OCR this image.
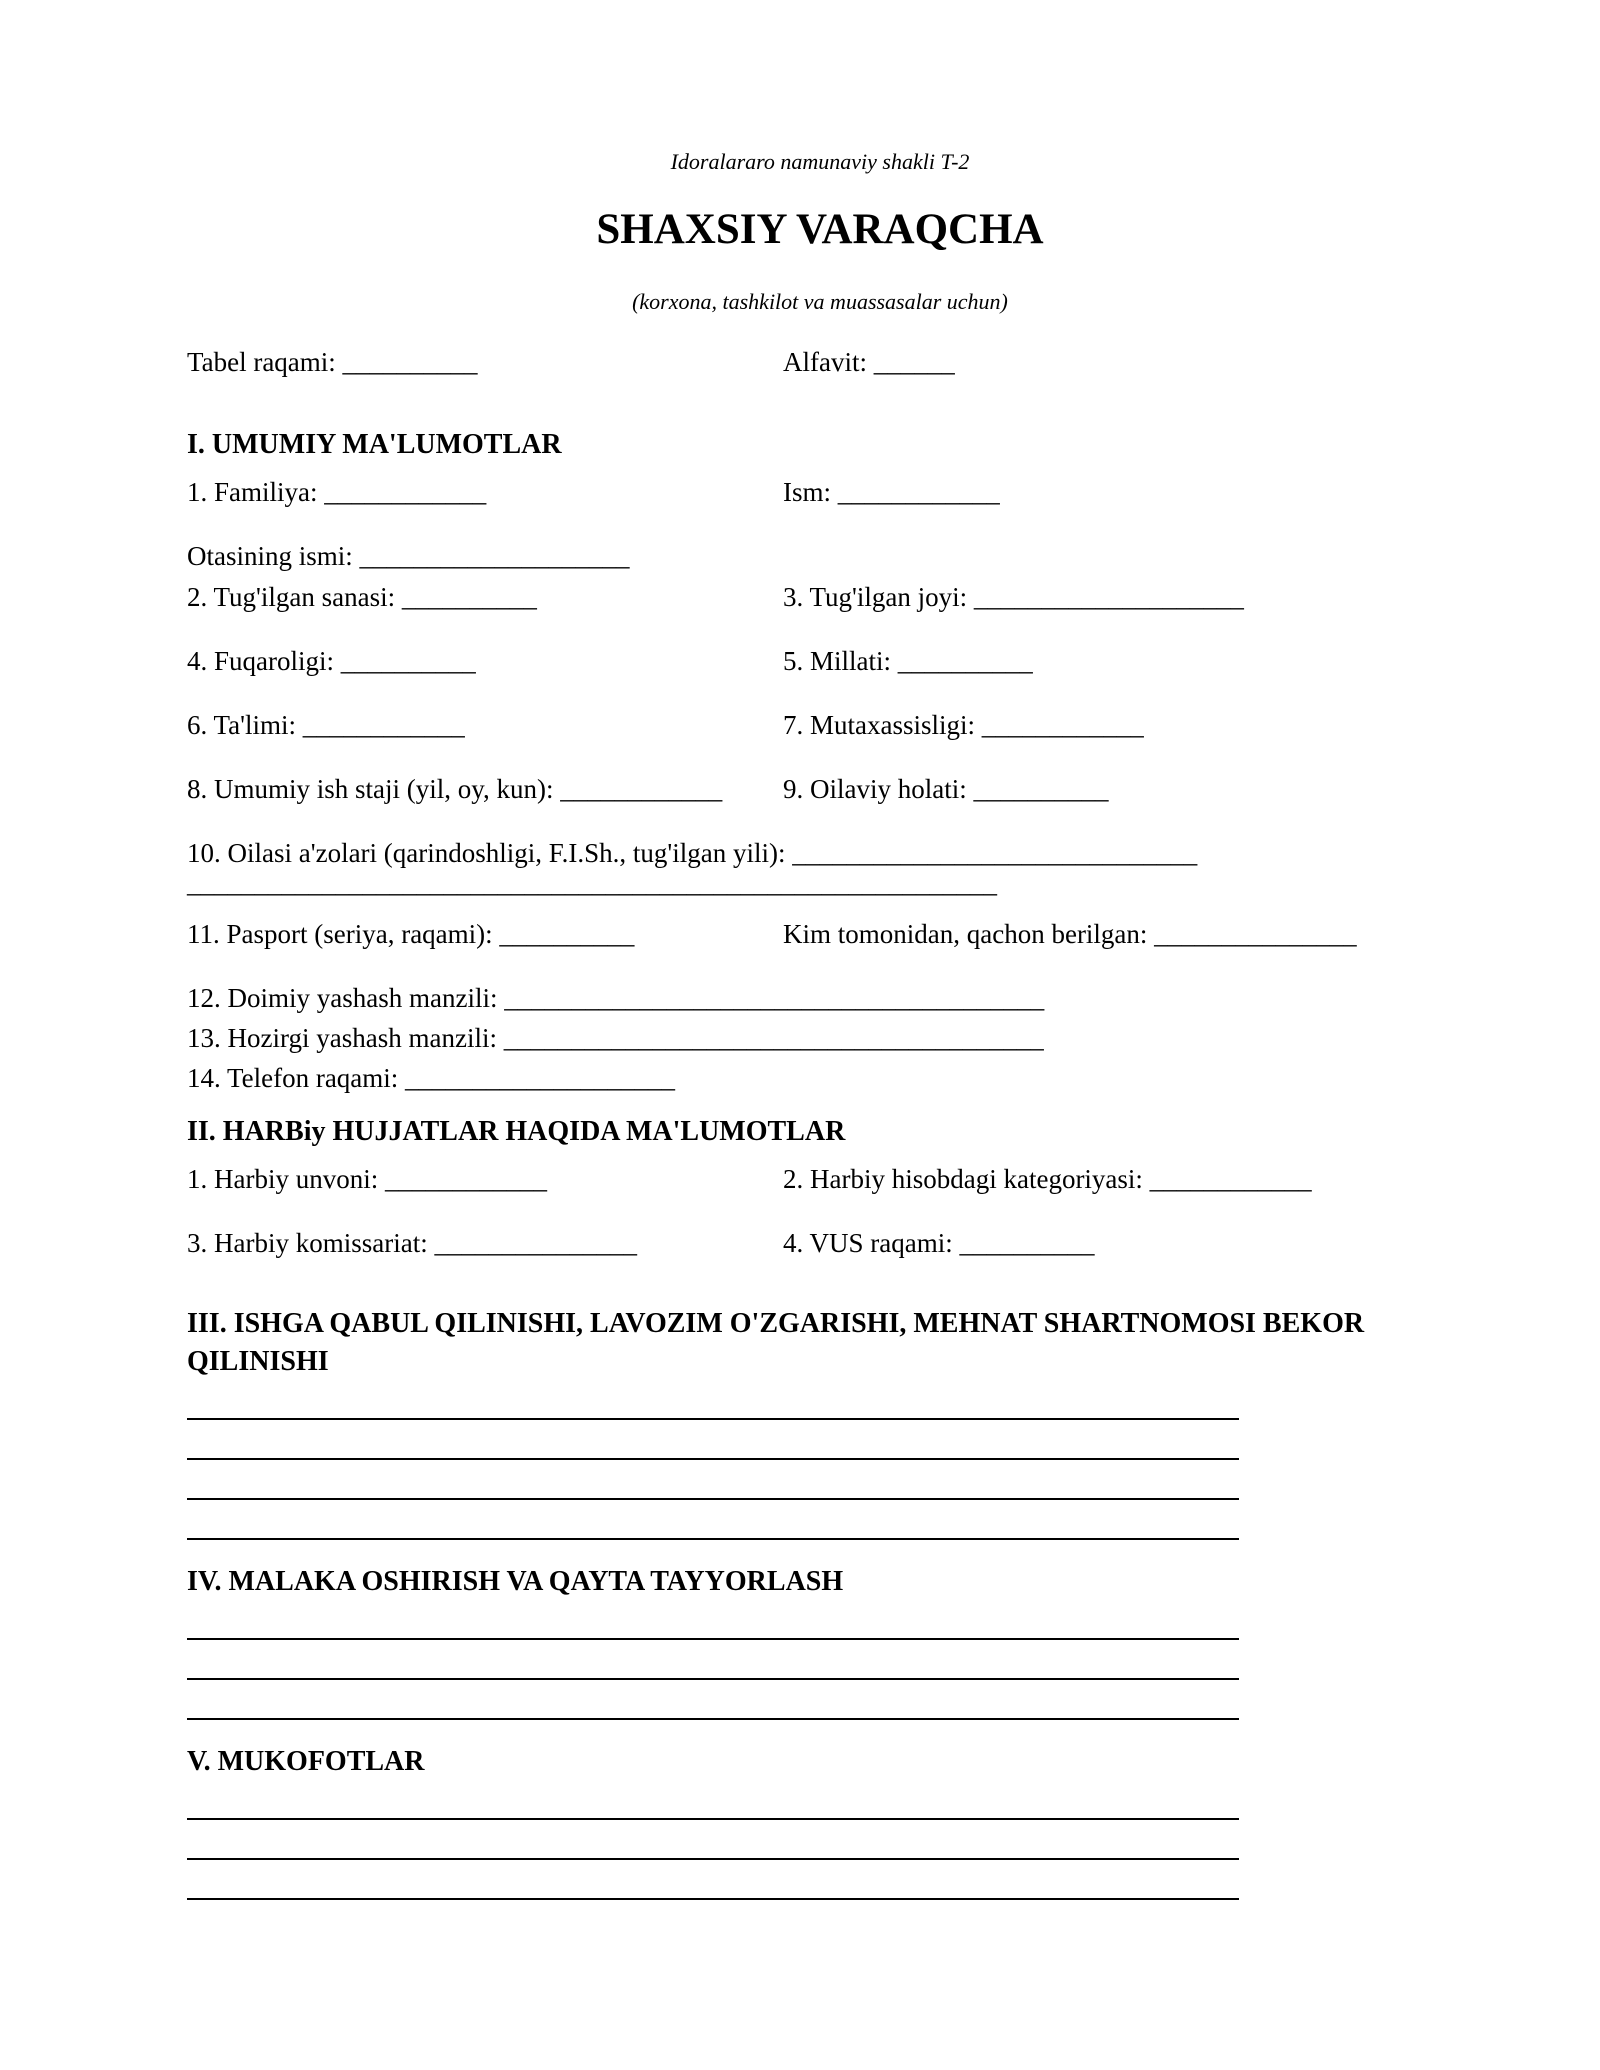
Idoralararo namunaviy shakli T-2
SHAXSIY VARAQCHA
(korxona, tashkilot va muassasalar uchun)
Tabel raqami: __________	Alfavit: ______
I. UMUMIY MA'LUMOTLAR
1. Familiya: ____________	Ism: ____________
Otasining ismi: ____________________
2. Tug'ilgan sanasi: __________	3. Tug'ilgan joyi: ____________________
4. Fuqaroligi: __________	5. Millati: __________
6. Ta'limi: ____________	7. Mutaxassisligi: ____________
8. Umumiy ish staji (yil, oy, kun): ____________ 9. Oilaviy holati: __________
10. Oilasi a'zolari (qarindoshligi, F.I.Sh., tug'ilgan yili): ______________________________
____________________________________________________________
11. Pasport (seriya, raqami): __________	Kim tomonidan, qachon berilgan: _______________
12. Doimiy yashash manzili: ________________________________________
13. Hozirgi yashash manzili: ________________________________________
14. Telefon raqami: ____________________
II. HARBiy HUJJATLAR HAQIDA MA'LUMOTLAR
1. Harbiy unvoni: ____________	2. Harbiy hisobdagi kategoriyasi: ____________
3. Harbiy komissariat: _______________	4. VUS raqami: __________
III. ISHGA QABUL QILINISHI, LAVOZIM O'ZGARISHI, MEHNAT SHARTNOMOSI BEKOR QILINISHI
IV. MALAKA OSHIRISH VA QAYTA TAYYORLASH
V. MUKOFOTLAR
